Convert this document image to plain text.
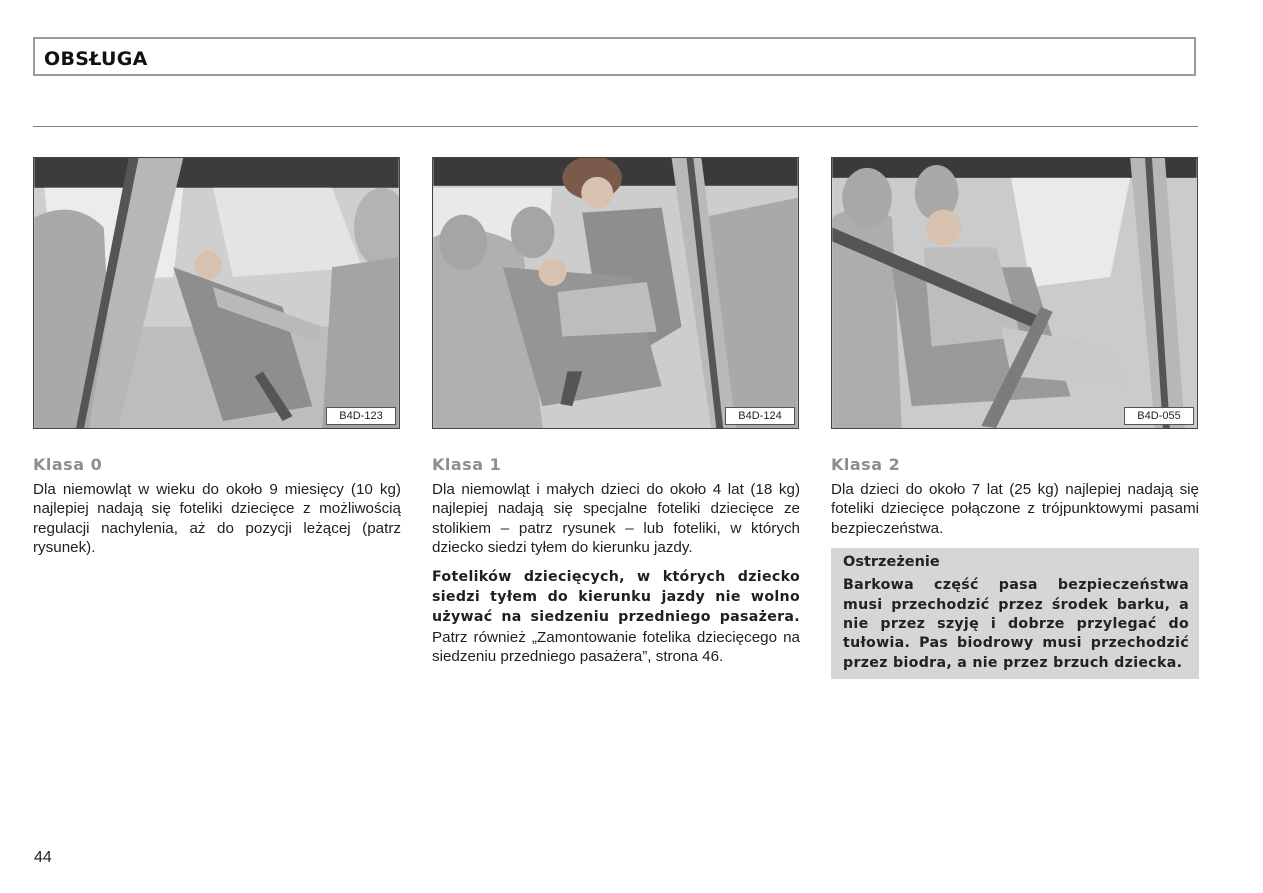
OBSŁUGA
B4D-123	B4D-124	B4D-055
Klasa 0

Dla niemowląt w wieku do około 9 miesięcy (10 kg) najlepiej nadają się foteliki dziecięce z możliwością regulacji nachylenia, aż do pozycji leżącej (patrz rysunek).

Klasa 1

Dla niemowląt i małych dzieci do około 4 lat (18 kg) najlepiej nadają się specjalne foteliki dziecięce ze stolikiem – patrz rysunek – lub foteliki, w których dziecko siedzi tyłem do kierunku jazdy.

Fotelików dziecięcych, w których dziecko siedzi tyłem do kierunku jazdy nie wolno używać na siedzeniu przedniego pasażera. Patrz również „Zamontowanie fotelika dziecięcego na siedzeniu przedniego pasażera”, strona 46.

Klasa 2

Dla dzieci do około 7 lat (25 kg) najlepiej nadają się foteliki dziecięce połączone z trójpunktowymi pasami bezpieczeństwa.

Ostrzeżenie

Barkowa część pasa bezpieczeństwa musi przechodzić przez środek barku, a nie przez szyję i dobrze przylegać do tułowia. Pas biodrowy musi przechodzić przez biodra, a nie przez brzuch dziecka.

44
